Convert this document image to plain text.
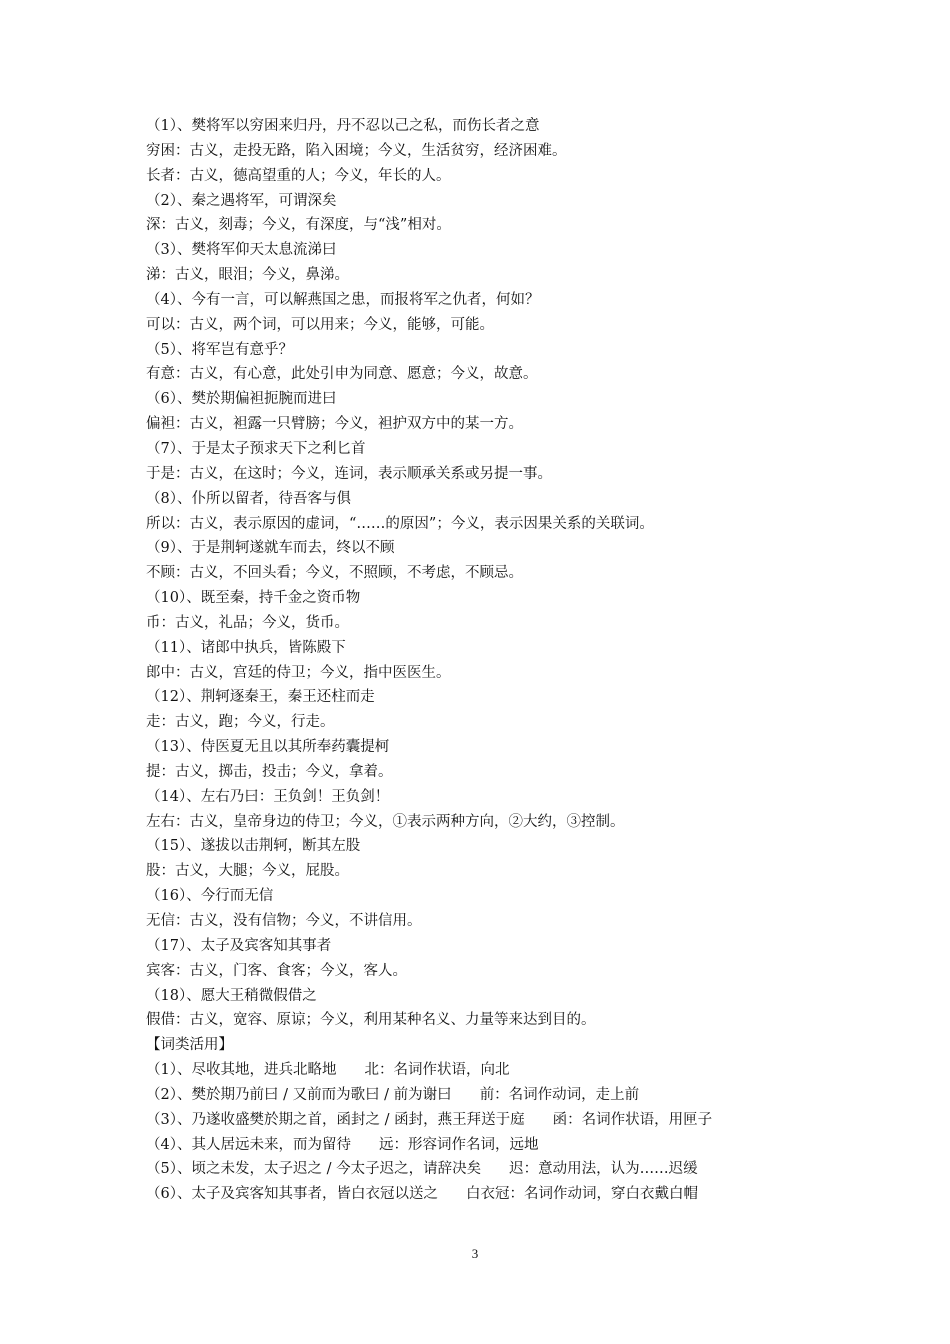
（1）、樊将军以穷困来归丹，丹不忍以己之私，而伤长者之意
穷困：古义，走投无路，陷入困境；今义，生活贫穷，经济困难。
长者：古义，德高望重的人；今义，年长的人。
（2）、秦之遇将军，可谓深矣
深：古义，刻毒；今义，有深度，与“浅”相对。
（3）、樊将军仰天太息流涕曰
涕：古义，眼泪；今义，鼻涕。
（4）、今有一言，可以解燕国之患，而报将军之仇者，何如？
可以：古义，两个词，可以用来；今义，能够，可能。
（5）、将军岂有意乎？
有意：古义，有心意，此处引申为同意、愿意；今义，故意。
（6）、樊於期偏袒扼腕而进曰
偏袒：古义，袒露一只臂膀；今义，袒护双方中的某一方。
（7）、于是太子预求天下之利匕首
于是：古义，在这时；今义，连词，表示顺承关系或另提一事。
（8）、仆所以留者，待吾客与俱
所以：古义，表示原因的虚词，“……的原因”；今义，表示因果关系的关联词。
（9）、于是荆轲遂就车而去，终以不顾
不顾：古义，不回头看；今义，不照顾，不考虑，不顾忌。
（10）、既至秦，持千金之资币物
币：古义，礼品；今义，货币。
（11）、诸郎中执兵，皆陈殿下
郎中：古义，宫廷的侍卫；今义，指中医医生。
（12）、荆轲逐秦王，秦王还柱而走
走：古义，跑；今义，行走。
（13）、侍医夏无且以其所奉药囊提柯
提：古义，掷击，投击；今义，拿着。
（14）、左右乃曰：王负剑！王负剑！
左右：古义，皇帝身边的侍卫；今义，①表示两种方向，②大约，③控制。
（15）、遂拔以击荆轲，断其左股
股：古义，大腿；今义，屁股。
（16）、今行而无信
无信：古义，没有信物；今义，不讲信用。
（17）、太子及宾客知其事者
宾客：古义，门客、食客；今义，客人。
（18）、愿大王稍微假借之
假借：古义，宽容、原谅；今义，利用某种名义、力量等来达到目的。
【词类活用】
（1）、尽收其地，进兵北略地 北：名词作状语，向北
（2）、樊於期乃前曰 / 又前而为歌曰 / 前为谢曰 前：名词作动词，走上前
（3）、乃遂收盛樊於期之首，函封之 / 函封，燕王拜送于庭 函：名词作状语，用匣子
（4）、其人居远未来，而为留待 远：形容词作名词，远地
（5）、顷之未发，太子迟之 / 今太子迟之，请辞决矣 迟：意动用法，认为……迟缓
（6）、太子及宾客知其事者，皆白衣冠以送之 白衣冠：名词作动词，穿白衣戴白帽
3
